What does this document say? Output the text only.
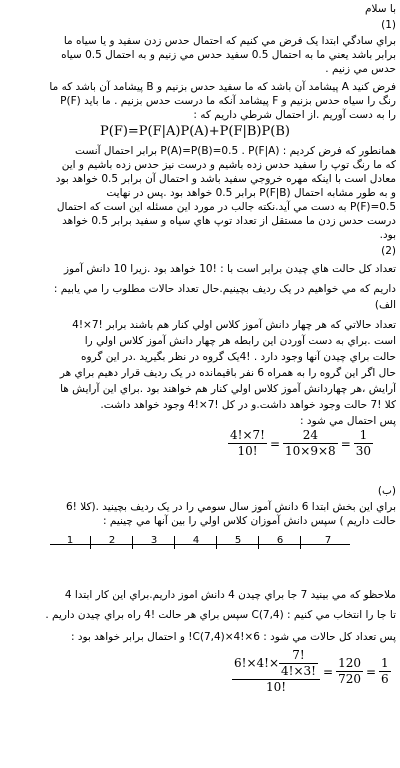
با سلام
(1)
براي سادگي ابتدا يک فرض مي کنيم که احتمال حدس زدن سفيد و يا سياه ما
برابر باشد يعني ما به احتمال 0.5 سفيد حدس مي زنيم و به احتمال 0.5 سياه
حدس مي زنيم .
فرض کنيد A پيشامد آن باشد که ما سفيد حدس بزنيم و B پيشامد آن باشد که ما
رنگ را سياه حدس بزنيم و F پيشامد آنکه ما درست حدس بزنيم . ما بايد P(F)
را به دست آوريم .از احتمال شرطي داريم که :
P(F)=P(F|A)P(A)+P(F|B)P(B)
همانطور که فرض کرديم : P(A)=P(B)=0.5 . P(F|A) برابر احتمال آنست
که ما رنگ توپ را سفيد حدس زده باشيم و درست نيز حدس زده باشيم و اين
معادل است با اينکه مهره خروجي سفيد باشد و احتمال آن برابر 0.5 خواهد بود
و به طور مشابه احتمال P(F|B) برابر 0.5 خواهد بود .پس در نهايت
P(F)=0.5 به دست مي آيد.نکته جالب در مورد اين مسئله اين است که احتمال
درست حدس زدن ما مستقل از تعداد توپ هاي سياه و سفيد برابر 0.5 خواهد
بود.
(2)
تعداد کل حالت هاي چيدن برابر است با : !10 خواهد بود .زيرا 10 دانش آموز
داريم که مي خواهيم در يک رديف بچينيم.حال تعداد حالات مطلوب را مي يابيم :
الف)
تعداد حالاتي که هر چهار دانش آموز کلاس اولي کنار هم باشند برابر !7×!4
است .براي به دست آوردن اين رابطه هر چهار دانش آموز کلاس اولي را
حالت براي چيدن آنها وجود دارد . !4يک گروه در نظر بگيريد .در اين گروه
حال اگر اين گروه را به همراه 6 نفر باقيمانده در يک رديف قرار دهيم براي هر
آرايش ،هر چهاردانش آموز کلاس اولي کنار هم خواهند بود .براي اين آرايش ها
کلا !7 حالت وجود خواهد داشت.و در کل !7×!4 وجود خواهد داشت.
پس احتمال مي شود :
$\frac{4!\times 7!}{10!} = \frac{24}{10\times 9\times 8} = \frac{1}{30}$
(ب)
براي اين بخش ابتدا 6 دانش آموز سال سومي را در يک رديف بچينيد .(کلا !6
حالت داريم ) سپس دانش آموزان کلاس اولي را بين آنها مي چينيم :
1	2	3	4	5	6	7
ملاحظو که مي بينيد 7 جا براي چيدن 4 دانش اموز داريم.براي اين کار ابتدا 4
تا جا را انتخاب مي کنيم : C(7,4) سپس براي هر حالت !4 راه براي چيدن داريم .
پس تعداد کل حالات مي شود : C(7,4)×4!×6! و احتمال برابر خواهد بود :
$\frac{6!\times 4!\times \frac{7!}{4!\times 3!}}{10!} = \frac{120}{720} = \frac{1}{6}$
